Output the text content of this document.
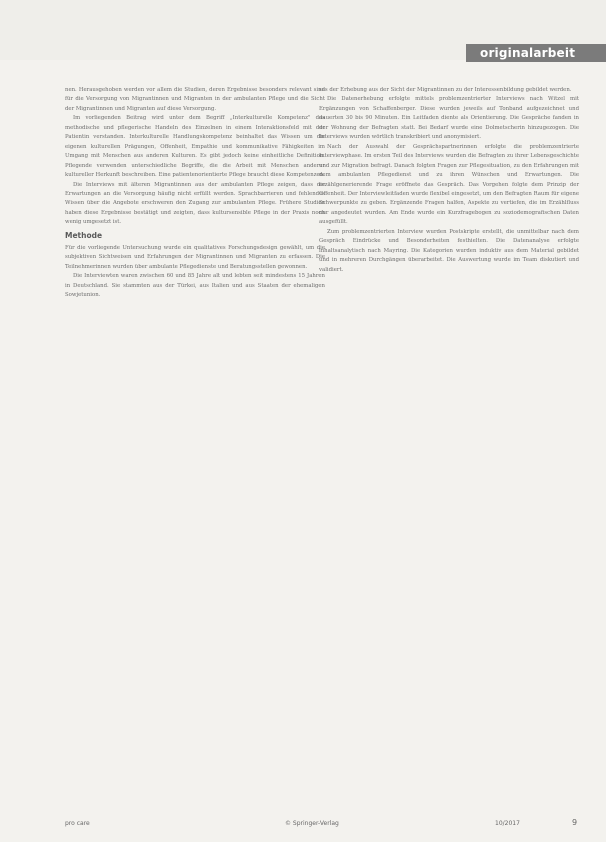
originalarbeit

nen. Herausgehoben werden vor allem die Studien, deren Ergebnisse besonders relevant sind für die Versorgung von Migrantinnen und Migranten in der ambulanten Pflege und die Sicht der Migrantinnen und Migranten auf diese Versorgung.

Im vorliegenden Beitrag wird unter dem Begriff „Interkulturelle Kompetenz" das methodische und pflegerische Handeln des Einzelnen in einem Interaktionsfeld mit der Patientin verstanden. Interkulturelle Handlungskompetenz beinhaltet das Wissen um die eigenen kulturellen Prägungen, Offenheit, Empathie und kommunikative Fähigkeiten im Umgang mit Menschen aus anderen Kulturen. Es gibt jedoch keine einheitliche Definition. Pflegende verwenden unterschiedliche Begriffe, die die Arbeit mit Menschen anderer kultureller Herkunft beschreiben. Eine patientenorientierte Pflege braucht diese Kompetenzen.

Die Interviews mit älteren Migrantinnen aus der ambulanten Pflege zeigen, dass die Erwartungen an die Versorgung häufig nicht erfüllt werden. Sprachbarrieren und fehlendes Wissen über die Angebote erschweren den Zugang zur ambulanten Pflege. Frühere Studien haben diese Ergebnisse bestätigt und zeigten, dass kultursensible Pflege in der Praxis noch wenig umgesetzt ist.

Methode

Für die vorliegende Untersuchung wurde ein qualitatives Forschungsdesign gewählt, um die subjektiven Sichtweisen und Erfahrungen der Migrantinnen und Migranten zu erfassen. Die Teilnehmerinnen wurden über ambulante Pflegedienste und Beratungsstellen gewonnen.

Die Interviewten waren zwischen 60 und 85 Jahre alt und lebten seit mindestens 15 Jahren in Deutschland. Sie stammten aus der Türkei, aus Italien und aus Staaten der ehemaligen Sowjetunion.

ses der Erhebung aus der Sicht der Migrantinnen zu der Interessenbildung gebildet werden.

Die Datenerhebung erfolgte mittels problemzentrierter Interviews nach Witzel mit Ergänzungen von Schaffenberger. Diese wurden jeweils auf Tonband aufgezeichnet und dauerten 30 bis 90 Minuten. Ein Leitfaden diente als Orientierung. Die Gespräche fanden in der Wohnung der Befragten statt. Bei Bedarf wurde eine Dolmetscherin hinzugezogen. Die Interviews wurden wörtlich transkribiert und anonymisiert.

Nach der Auswahl der Gesprächspartnerinnen erfolgte die problemzentrierte Interviewphase. Im ersten Teil des Interviews wurden die Befragten zu ihrer Lebensgeschichte und zur Migration befragt. Danach folgten Fragen zur Pflegesituation, zu den Erfahrungen mit dem ambulanten Pflegedienst und zu ihren Wünschen und Erwartungen. Die erzählgenerierende Frage eröffnete das Gespräch. Das Vorgehen folgte dem Prinzip der Offenheit. Der Interviewleitfaden wurde flexibel eingesetzt, um den Befragten Raum für eigene Schwerpunkte zu geben. Ergänzende Fragen halfen, Aspekte zu vertiefen, die im Erzählfluss nur angedeutet wurden. Am Ende wurde ein Kurzfragebogen zu soziodemografischen Daten ausgefüllt.

Zum problemzentrierten Interview wurden Postskripte erstellt, die unmittelbar nach dem Gespräch Eindrücke und Besonderheiten festhielten. Die Datenanalyse erfolgte inhaltsanalytisch nach Mayring. Die Kategorien wurden induktiv aus dem Material gebildet und in mehreren Durchgängen überarbeitet. Die Auswertung wurde im Team diskutiert und validiert.

pro care	© Springer-Verlag	10/2017	9
